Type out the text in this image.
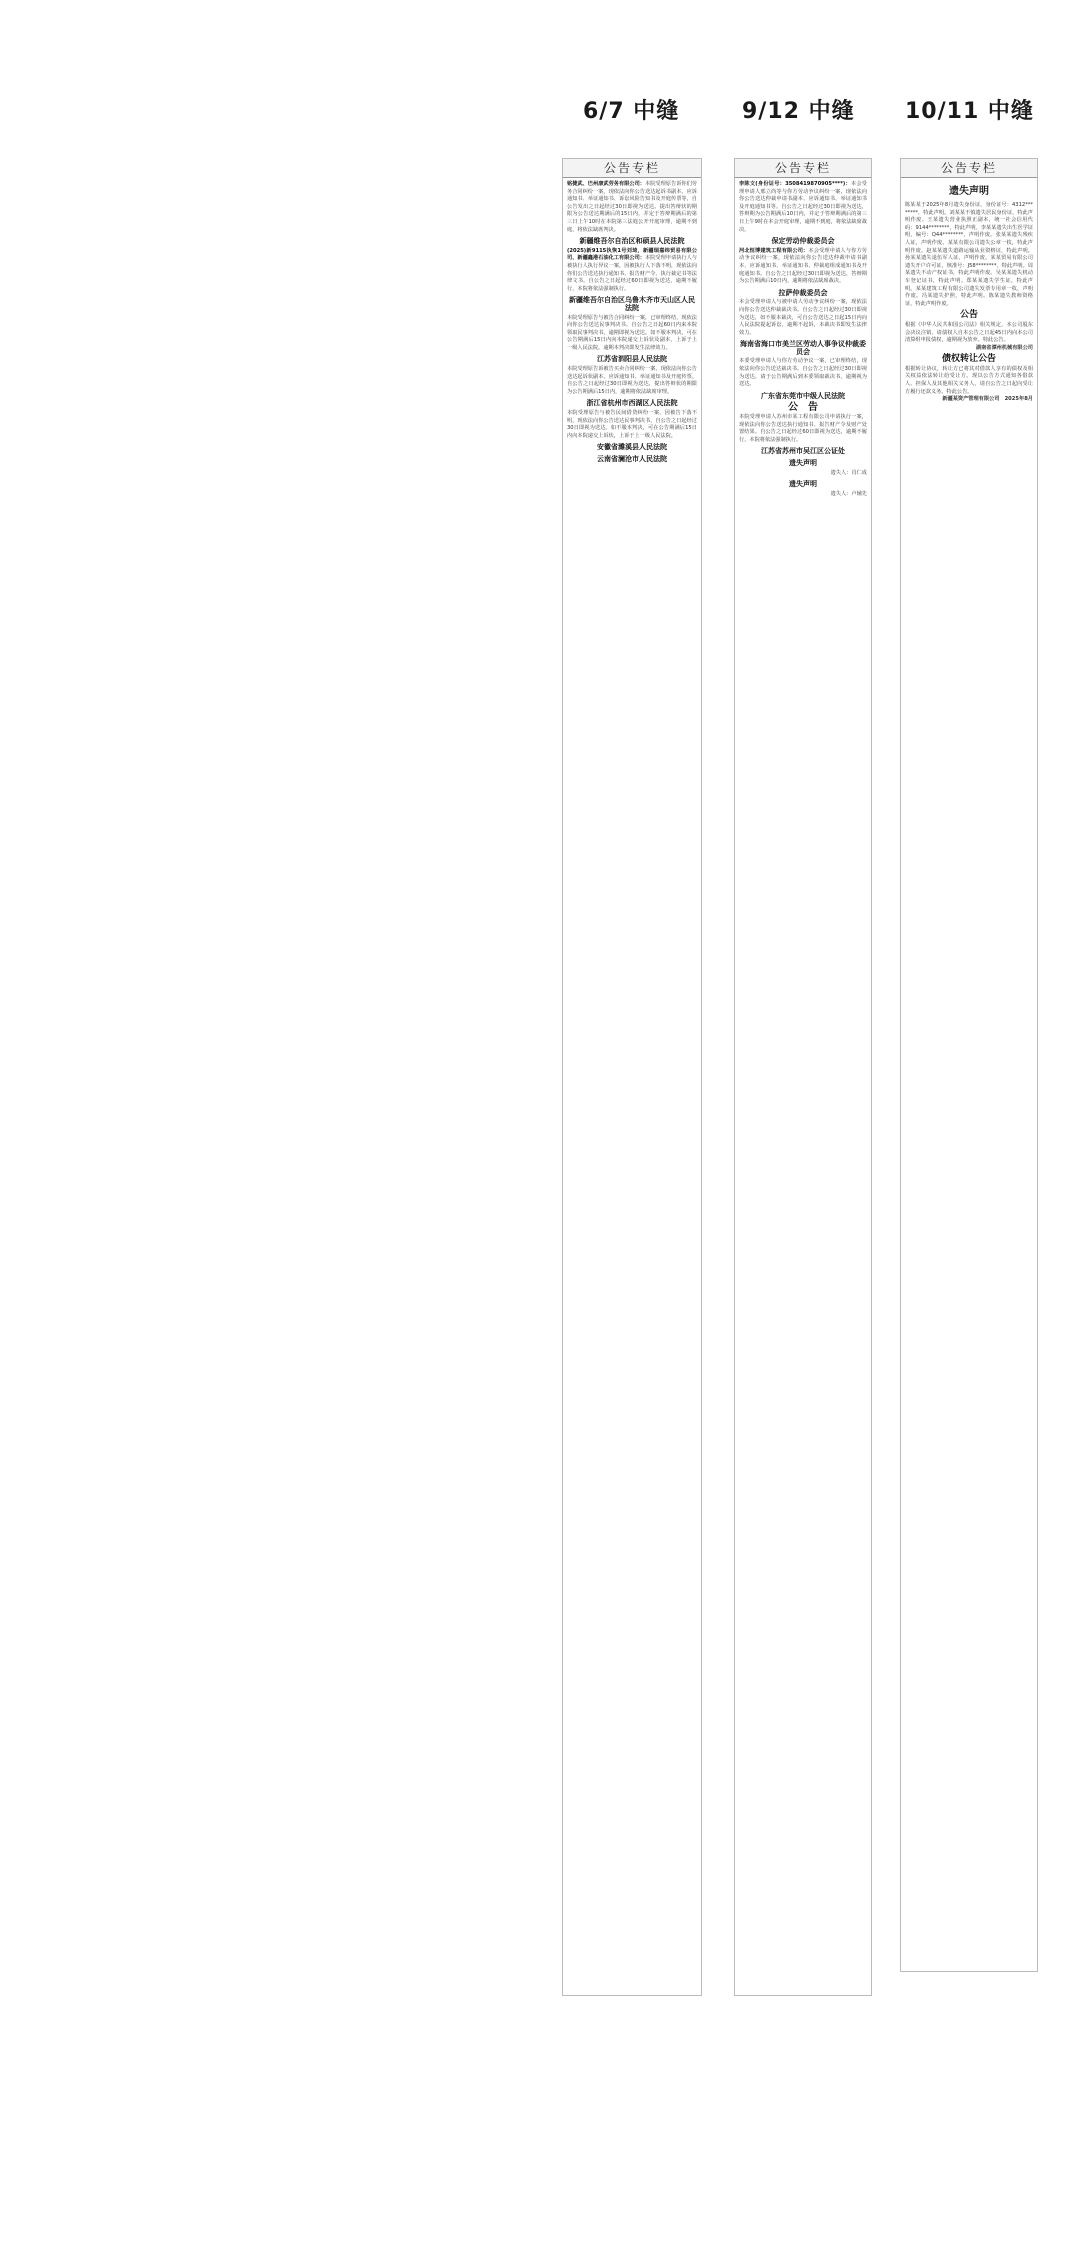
6/7 中缝
公告专栏
铭捷武、巴州康武劳务有限公司：本院受理原告诉你们劳务合同纠纷一案，现依法向你公告送达起诉书副本、应诉通知书、举证通知书、诉讼风险告知书及开庭传票等，自公告发出之日起经过30日即视为送达。提出答辩状的期限为公告送达期满后的15日内，并定于答辩期满后的第三日上午10时在本院第三法庭公开开庭审理，逾期不到庭，将依法缺席判决。
新疆维吾尔自治区和硕县人民法院
(2025)新9115执恢1号刘琦，新疆瑞嘉纬贸易有限公司、新疆鑫港石油化工有限公司：本院受理申请执行人与被执行人执行异议一案，因被执行人下落不明，现依法向你们公告送达执行通知书、报告财产令、执行裁定书等法律文书。自公告之日起经过60日即视为送达，逾期不履行，本院将依法强制执行。
新疆维吾尔自治区乌鲁木齐市天山区人民法院
本院受理原告与被告合同纠纷一案，已审理终结，现依法向你公告送达民事判决书。自公告之日起60日内来本院领取民事判决书，逾期即视为送达。如不服本判决，可在公告期满后15日内向本院递交上诉状及副本，上诉于上一级人民法院。逾期本判决即发生法律效力。
江苏省泗阳县人民法院
本院受理原告诉被告买卖合同纠纷一案，现依法向你公告送达起诉状副本、应诉通知书、举证通知书及开庭传票。自公告之日起经过30日即视为送达，提出答辩状的期限为公告期满后15日内，逾期将依法缺席审理。
浙江省杭州市西湖区人民法院
本院受理原告与被告民间借贷纠纷一案，因被告下落不明，现依法向你公告送达民事判决书，自公告之日起经过30日即视为送达。如不服本判决，可在公告期满后15日内向本院递交上诉状，上诉于上一级人民法院。
安徽省濉溪县人民法院
云南省澜沧市人民法院
9/12 中缝
公告专栏
李陈文(身份证号：3508419870905****)：本会受理申请人邢立尚等与你方劳动争议纠纷一案，现依法向你公告送达仲裁申请书副本、应诉通知书、举证通知书及开庭通知书等。自公告之日起经过30日即视为送达，答辩期为公告期满后10日内，并定于答辩期满后的第三日上午9时在本会开庭审理，逾期不到庭，将依法缺席裁决。
保定劳动仲裁委员会
河北恒博建筑工程有限公司：本会受理申请人与你方劳动争议纠纷一案，现依法向你公告送达仲裁申请书副本、应诉通知书、举证通知书、仲裁庭组成通知书及开庭通知书。自公告之日起经过30日即视为送达，答辩期为公告期满后10日内，逾期将依法缺席裁决。
拉萨仲裁委员会
本会受理申请人与被申请人劳动争议纠纷一案，现依法向你公告送达仲裁裁决书。自公告之日起经过30日即视为送达，如不服本裁决，可自公告送达之日起15日内向人民法院提起诉讼，逾期不起诉，本裁决书即发生法律效力。
海南省海口市美兰区劳动人事争议仲裁委员会
本委受理申请人与你方劳动争议一案，已审理终结，现依法向你公告送达裁决书。自公告之日起经过30日即视为送达，请于公告期满后到本委领取裁决书，逾期视为送达。
广东省东莞市中级人民法院
公　告
本院受理申请人苏州市某工程有限公司申请执行一案，现依法向你公告送达执行通知书、报告财产令及财产处置结果。自公告之日起经过60日即视为送达，逾期不履行，本院将依法强制执行。
江苏省苏州市吴江区公证处
遗失声明
遗失人：肖仁成
遗失声明
遗失人：卢辅先
10/11 中缝
公告专栏
遗失声明
陈某某于2025年8月遗失身份证，身份证号：4312********，特此声明。刘某某不慎遗失居民身份证，特此声明作废。王某遗失营业执照正副本，统一社会信用代码：9144********，特此声明。李某某遗失出生医学证明，编号：Q44********，声明作废。张某某遗失残疾人证，声明作废。某某有限公司遗失公章一枚，特此声明作废。赵某某遗失道路运输从业资格证，特此声明。孙某某遗失退伍军人证，声明作废。某某贸易有限公司遗失开户许可证，核准号：J58********，特此声明。周某遗失不动产权证书，特此声明作废。吴某某遗失机动车登记证书，特此声明。郑某某遗失学生证，特此声明。某某建筑工程有限公司遗失发票专用章一枚，声明作废。冯某遗失护照，特此声明。陈某遗失教师资格证，特此声明作废。
公告
根据《中华人民共和国公司法》相关规定，本公司股东会决议注销，请债权人自本公告之日起45日内向本公司清算组申报债权，逾期视为放弃。特此公告。
湖南省潭州机械有限公司
债权转让公告
根据转让协议，转让方已将其对借款人享有的债权及相关权益依法转让给受让方。现以公告方式通知各借款人、担保人及其他相关义务人，请自公告之日起向受让方履行还款义务。特此公告。
新疆某资产管理有限公司　2025年8月
